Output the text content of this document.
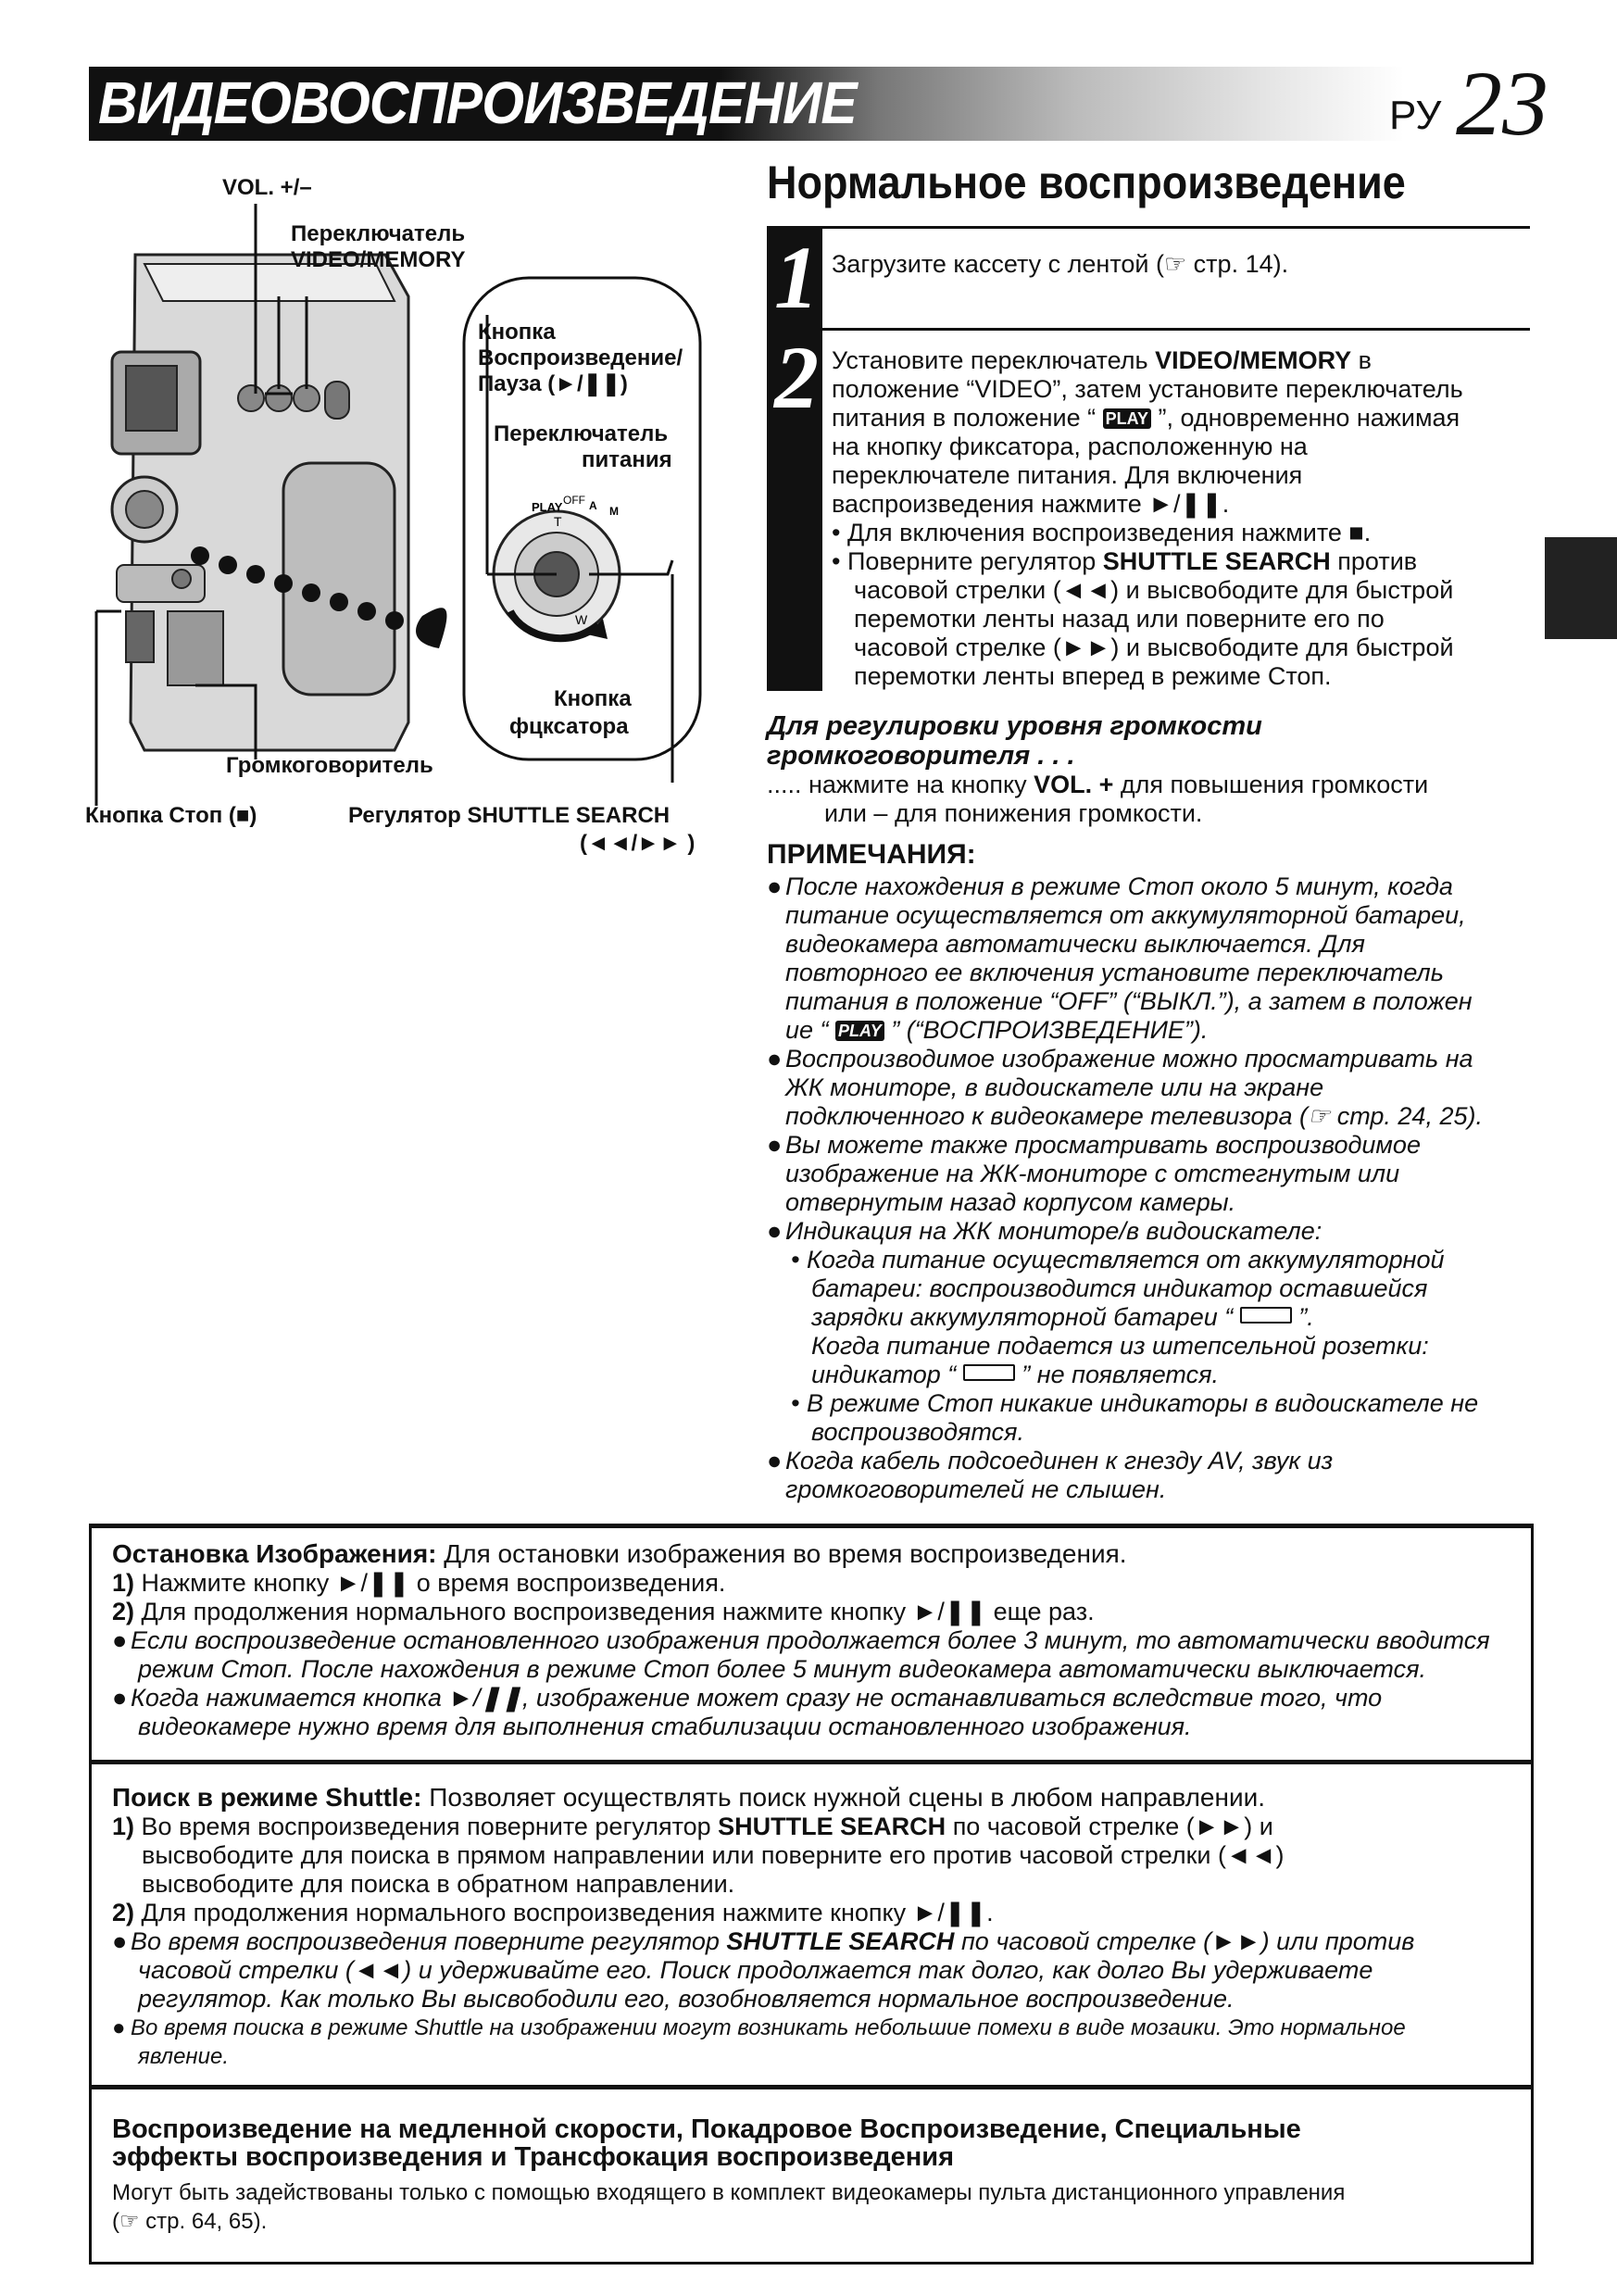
ВИДЕОВОСПРОИЗВЕДЕНИЕ	РУ 23
PLAY OFF A M
T
W
VOL. +/–
Переключатель
VIDEO/MEMORY
Кнопка
Воспроизведение/
Пауза (►/❚❚)
Переключатель
питания
Кнопка
фцксатора
Громкоговоритель
Кнопка Стоп (■)	Регулятор SHUTTLE SEARCH
(◄◄/►► )
Нормальное воспроизведение
1
2
Загрузите кассету с лентой (☞ стр. 14).
Установите переключатель VIDEO/MEMORY в
положение “VIDEO”, затем установите переключатель
питания в положение “ PLAY ”, одновременно нажимая
на кнопку фиксатора, расположенную на
переключателе питания. Для включения
васпроизведения нажмите ►/❚❚.
• Для включения воспроизведения нажмите ■.
• Поверните регулятор SHUTTLE SEARCH против
часовой стрелки (◄◄) и высвободите для быстрой
перемотки ленты назад или поверните его по
часовой стрелке (►►) и высвободите для быстрой
перемотки ленты вперед в режиме Стоп.
Для регулировки уровня громкости
громкоговорителя . . .
..... нажмите на кнопку VOL. + для повышения громкости
или – для понижения громкости.
ПРИМЕЧАНИЯ:
● После нахождения в режиме Стоп около 5 минут, когда
питание осуществляется от аккумуляторной батареи,
видеокамера автоматически выключается. Для
повторного ее включения установите переключатель
питания в положение “OFF” (“ВЫКЛ.”), а затем в положен
ие “ PLAY ” (“ВОСПРОИЗВЕДЕНИЕ”).
● Воспроизводимое изображение можно просматривать на
ЖК мониторе, в видоискателе или на экране
подключенного к видеокамере телевизора (☞ стр. 24, 25).
● Вы можете также просматривать воспроизводимое
изображение на ЖК-мониторе с отстегнутым или
отвернутым назад корпусом камеры.
● Индикация на ЖК мониторе/в видоискателе:
• Когда питание осуществляется от аккумуляторной
батареи: воспроизводится индикатор оставшейся
зарядки аккумуляторной батареи “  ”.
Когда питание подается из штепсельной розетки:
индикатор “  ” не появляется.
• В режиме Стоп никакие индикаторы в видоискателе не
воспроизводятся.
● Когда кабель подсоединен к гнезду AV, звук из
громкоговорителей не слышен.
Остановка Изображения: Для остановки изображения во время воспроизведения.
1) Нажмите кнопку ►/❚❚ о время воспроизведения.
2) Для продолжения нормального воспроизведения нажмите кнопку ►/❚❚ еще раз.
● Если воспроизведение остановленного изображения продолжается более 3 минут, то автоматически вводится
режим Стоп. После нахождения в режиме Стоп более 5 минут видеокамера автоматически выключается.
● Когда нажимается кнопка ►/❚❚, изображение может сразу не останавливаться вследствие того, что
видеокамере нужно время для выполнения стабилизации остановленного изображения.
Поиск в режиме Shuttle: Позволяет осуществлять поиск нужной сцены в любом направлении.
1) Во время воспроизведения поверните регулятор SHUTTLE SEARCH по часовой стрелке (►►) и
высвободите для поиска в прямом направлении или поверните его против часовой стрелки (◄◄)
высвободите для поиска в обратном направлении.
2) Для продолжения нормального воспроизведения нажмите кнопку ►/❚❚.
● Во время воспроизведения поверните регулятор SHUTTLE SEARCH по часовой стрелке (►►) или против
часовой стрелки (◄◄) и удерживайте его. Поиск продолжается так долго, как долго Вы удерживаете
регулятор. Как только Вы высвободили его, возобновляется нормальное воспроизведение.
● Во время поиска в режиме Shuttle на изображении могут возникать небольшие помехи в виде мозаики. Это нормальное
явление.
Воспроизведение на медленной скорости, Покадровое Воспроизведение, Специальные
эффекты воспроизведения и Трансфокация воспроизведения
Могут быть задействованы только с помощью входящего в комплект видеокамеры пульта дистанционного управления
(☞ стр. 64, 65).
